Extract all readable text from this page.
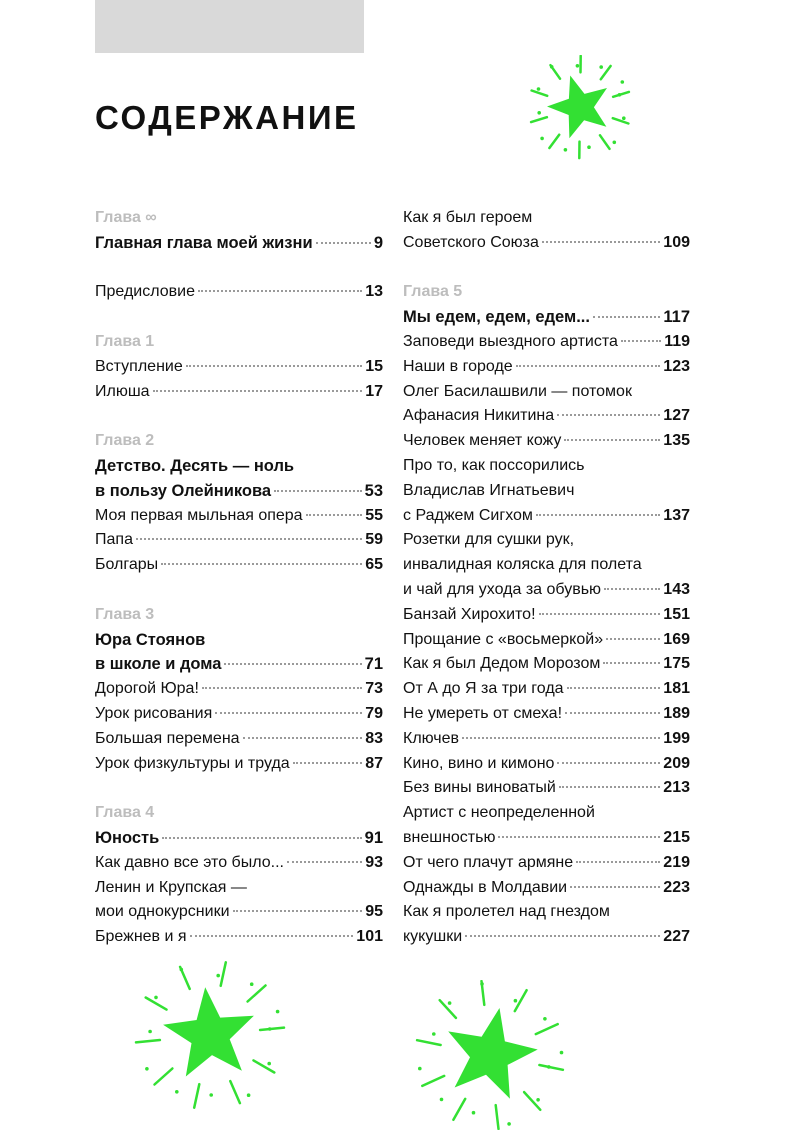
СОДЕРЖАНИЕ
Глава ∞
Главная глава моей жизни	9
Предисловие	13
Глава 1
Вступление	15
Илюша	17
Глава 2
Детство. Десять — ноль
в пользу Олейникова	53
Моя первая мыльная опера	55
Папа	59
Болгары	65
Глава 3
Юра Стоянов
в школе и дома	71
Дорогой Юра!	73
Урок рисования	79
Большая перемена	83
Урок физкультуры и труда	87
Глава 4
Юность	91
Как давно все это было...	93
Ленин и Крупская —
мои однокурсники	95
Брежнев и я	101
Как я был героем
Советского Союза	109
Глава 5
Мы едем, едем, едем...	117
Заповеди выездного артиста	119
Наши в городе	123
Олег Басилашвили — потомок
Афанасия Никитина	127
Человек меняет кожу	135
Про то, как поссорились
Владислав Игнатьевич
с Раджем Сигхом	137
Розетки для сушки рук,
инвалидная коляска для полета
и чай для ухода за обувью	143
Банзай Хирохито!	151
Прощание с «восьмеркой»	169
Как я был Дедом Морозом	175
От А до Я за три года	181
Не умереть от смеха!	189
Ключев	199
Кино, вино и кимоно	209
Без вины виноватый	213
Артист с неопределенной
внешностью	215
От чего плачут армяне	219
Однажды в Молдавии	223
Как я пролетел над гнездом
кукушки	227
